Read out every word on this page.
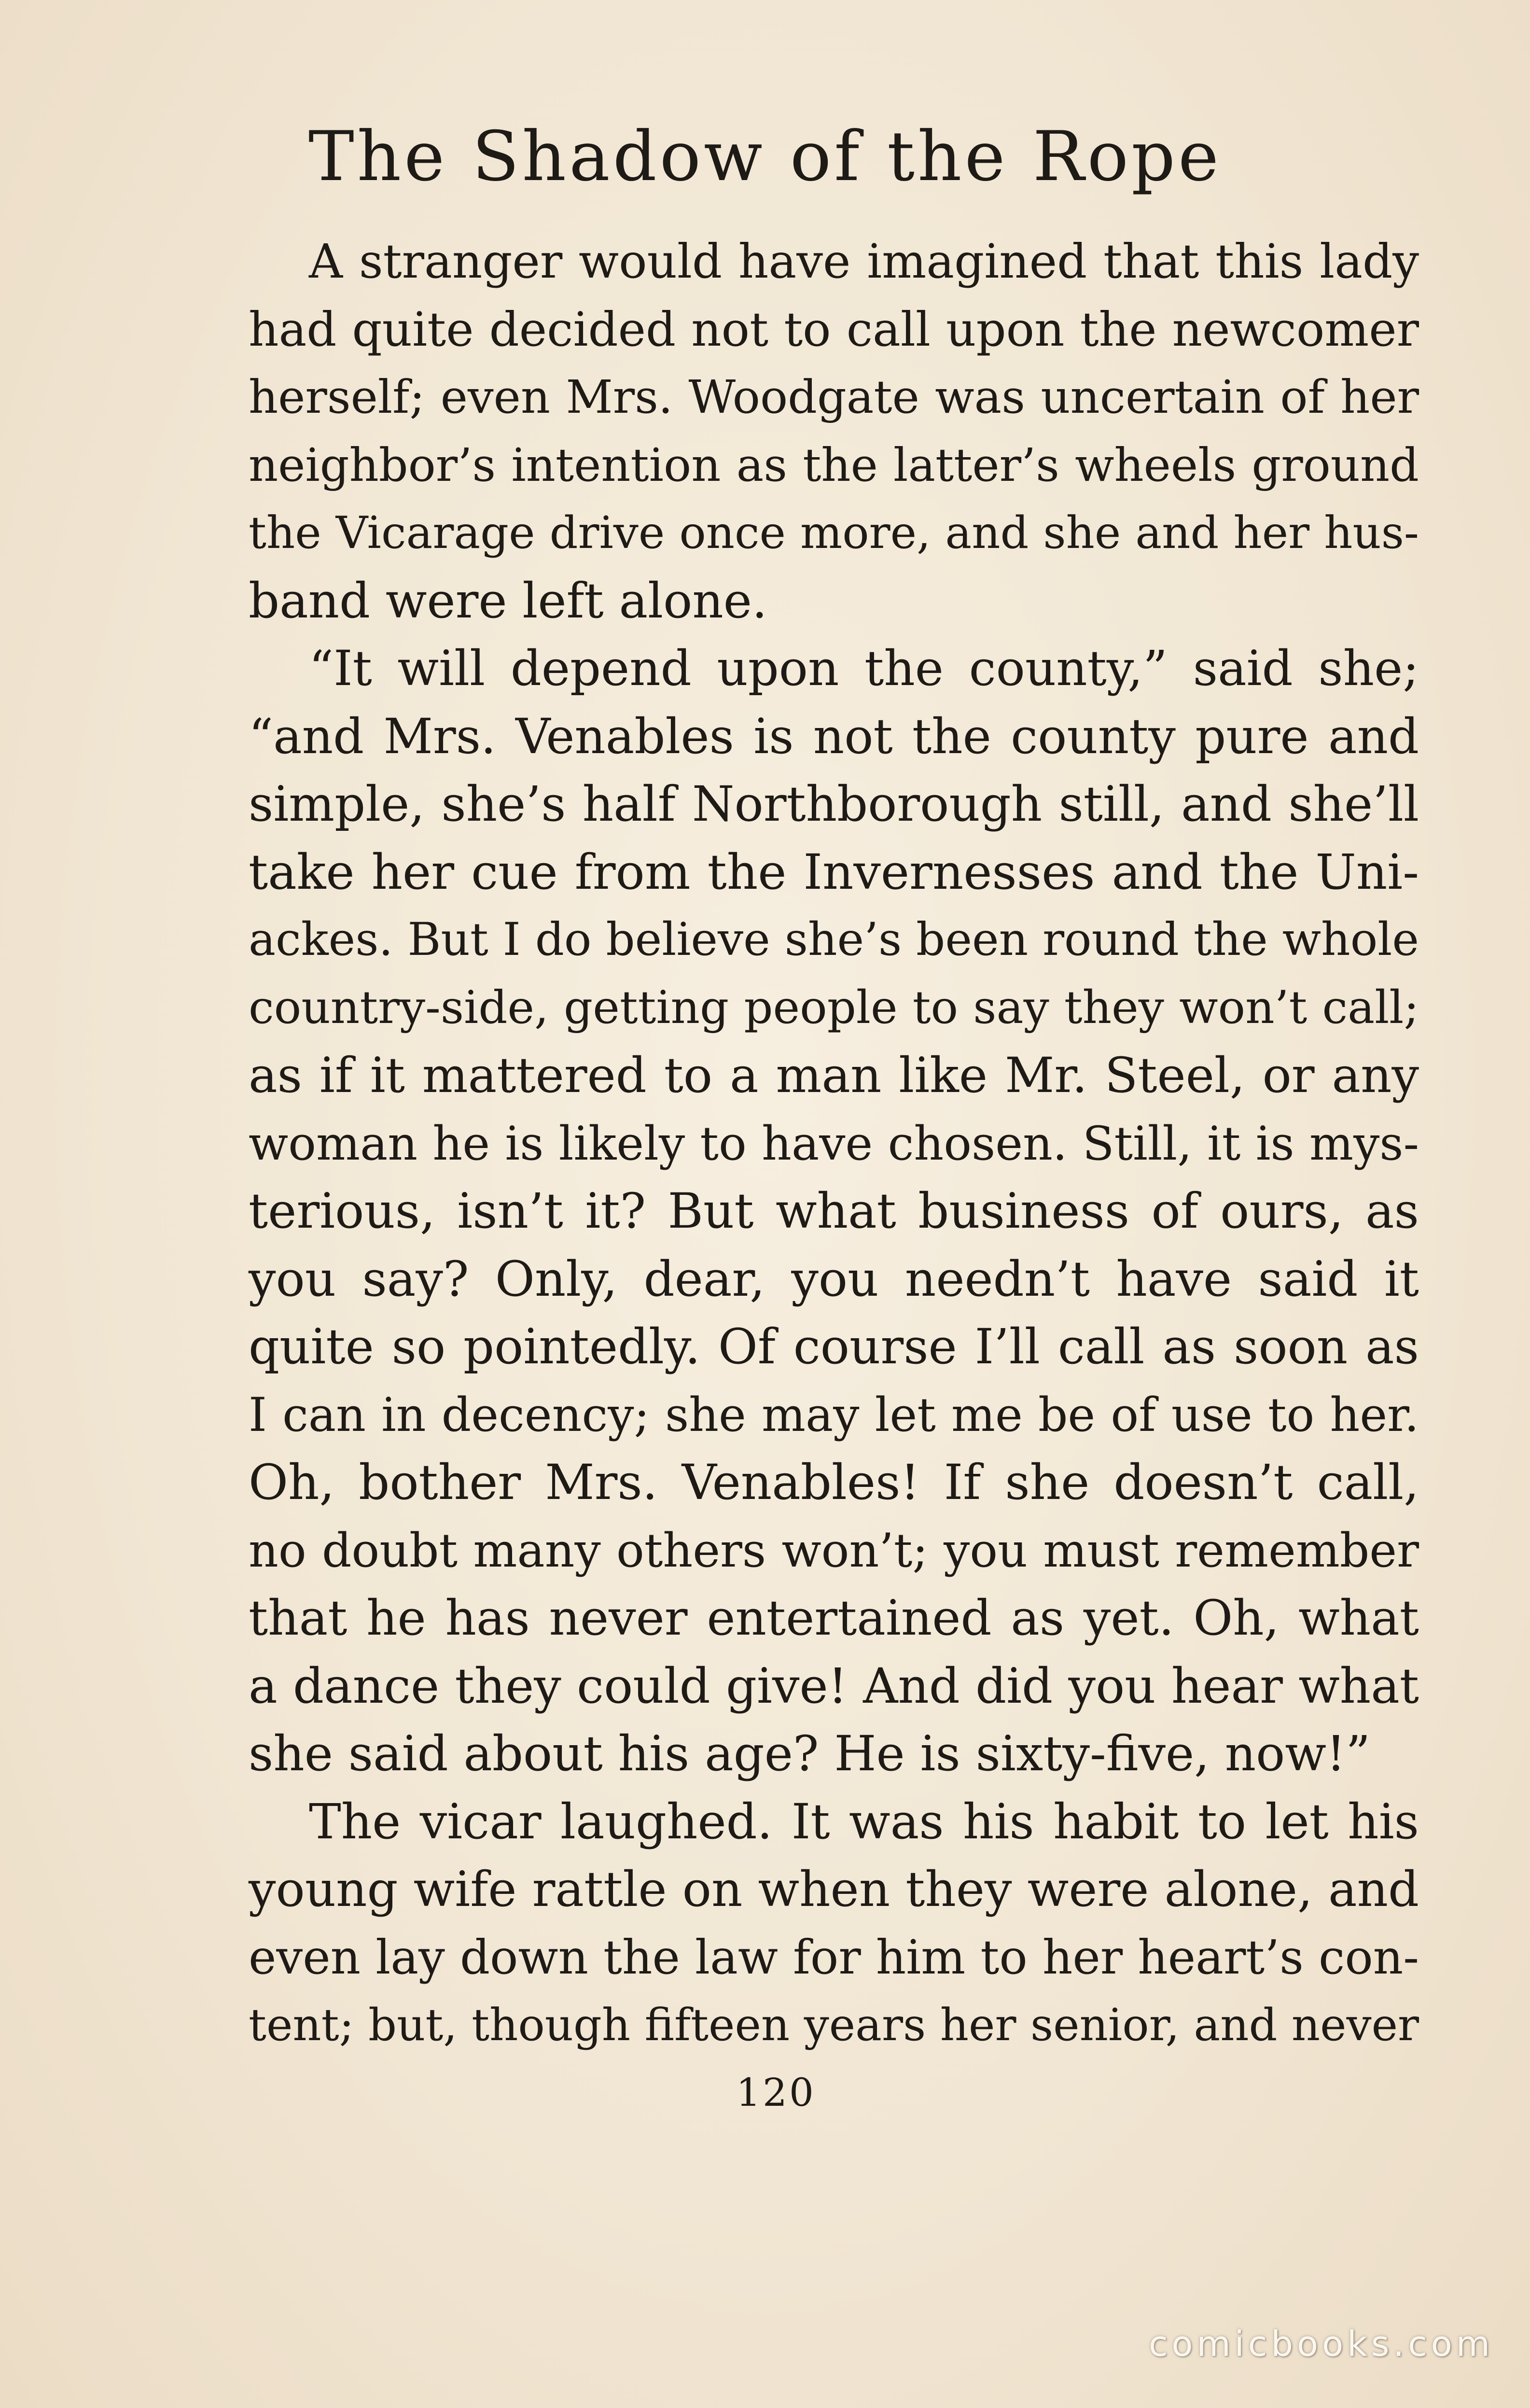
The Shadow of the Rope
A stranger would have imagined that this lady
had quite decided not to call upon the newcomer
herself; even Mrs. Woodgate was uncertain of her
neighbor’s intention as the latter’s wheels ground
the Vicarage drive once more, and she and her hus-
band were left alone.
“It will depend upon the county,” said she;
“and Mrs. Venables is not the county pure and
simple, she’s half Northborough still, and she’ll
take her cue from the Invernesses and the Uni-
ackes. But I do believe she’s been round the whole
country-side, getting people to say they won’t call;
as if it mattered to a man like Mr. Steel, or any
woman he is likely to have chosen. Still, it is mys-
terious, isn’t it? But what business of ours, as
you say? Only, dear, you needn’t have said it
quite so pointedly. Of course I’ll call as soon as
I can in decency; she may let me be of use to her.
Oh, bother Mrs. Venables! If she doesn’t call,
no doubt many others won’t; you must remember
that he has never entertained as yet. Oh, what
a dance they could give! And did you hear what
she said about his age? He is sixty-five, now!”
The vicar laughed. It was his habit to let his
young wife rattle on when they were alone, and
even lay down the law for him to her heart’s con-
tent; but, though fifteen years her senior, and never
120
comicbooks.com
